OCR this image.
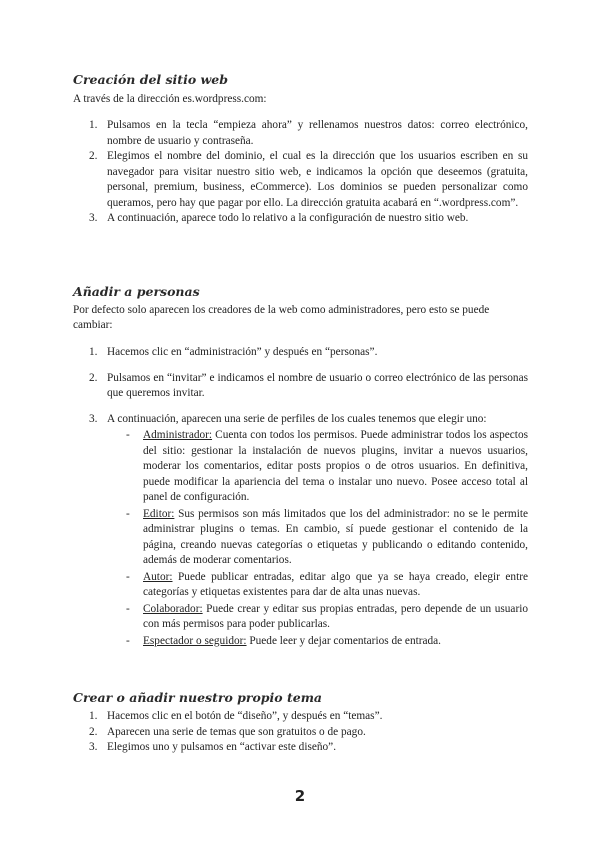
Creación del sitio web

A través de la dirección es.wordpress.com:

1. Pulsamos en la tecla “empieza ahora” y rellenamos nuestros datos: correo electrónico, nombre de usuario y contraseña.
2. Elegimos el nombre del dominio, el cual es la dirección que los usuarios escriben en su navegador para visitar nuestro sitio web, e indicamos la opción que deseemos (gratuita, personal, premium, business, eCommerce). Los dominios se pueden personalizar como queramos, pero hay que pagar por ello. La dirección gratuita acabará en “.wordpress.com”.
3. A continuación, aparece todo lo relativo a la configuración de nuestro sitio web.
Añadir a personas

Por defecto solo aparecen los creadores de la web como administradores, pero esto se puede cambiar:

1. Hacemos clic en “administración” y después en “personas”.
2. Pulsamos en “invitar” e indicamos el nombre de usuario o correo electrónico de las personas que queremos invitar.
3. A continuación, aparecen una serie de perfiles de los cuales tenemos que elegir uno:
- Administrador: Cuenta con todos los permisos. Puede administrar todos los aspectos del sitio: gestionar la instalación de nuevos plugins, invitar a nuevos usuarios, moderar los comentarios, editar posts propios o de otros usuarios. En definitiva, puede modificar la apariencia del tema o instalar uno nuevo. Posee acceso total al panel de configuración.
- Editor: Sus permisos son más limitados que los del administrador: no se le permite administrar plugins o temas. En cambio, sí puede gestionar el contenido de la página, creando nuevas categorías o etiquetas y publicando o editando contenido, además de moderar comentarios.
- Autor: Puede publicar entradas, editar algo que ya se haya creado, elegir entre categorías y etiquetas existentes para dar de alta unas nuevas.
- Colaborador: Puede crear y editar sus propias entradas, pero depende de un usuario con más permisos para poder publicarlas.
- Espectador o seguidor: Puede leer y dejar comentarios de entrada.
Crear o añadir nuestro propio tema
1. Hacemos clic en el botón de “diseño”, y después en “temas”.
2. Aparecen una serie de temas que son gratuitos o de pago.
3. Elegimos uno y pulsamos en “activar este diseño”.
2
